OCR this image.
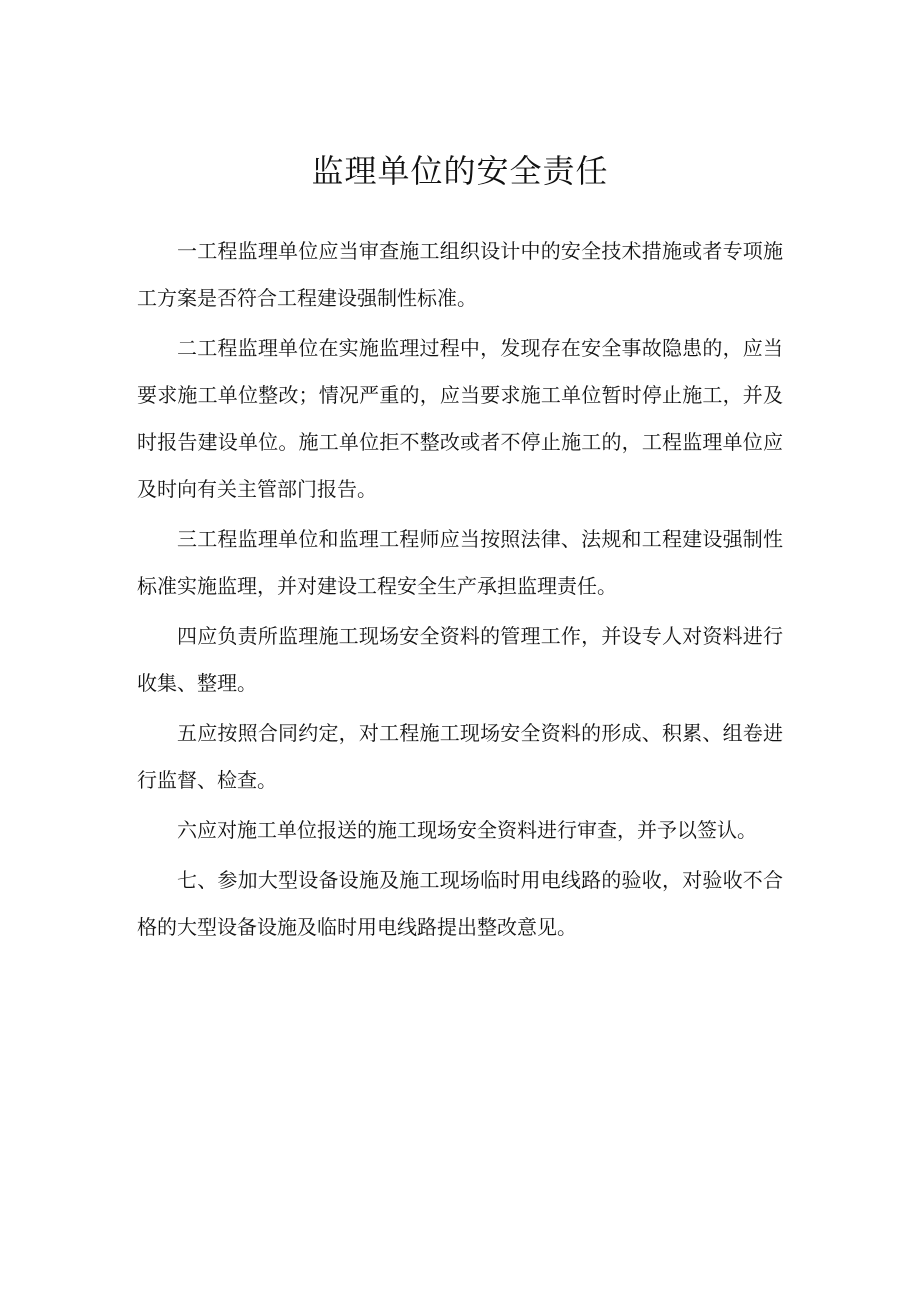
监理单位的安全责任

一工程监理单位应当审查施工组织设计中的安全技术措施或者专项施工方案是否符合工程建设强制性标准。

二工程监理单位在实施监理过程中，发现存在安全事故隐患的，应当要求施工单位整改；情况严重的，应当要求施工单位暂时停止施工，并及时报告建设单位。施工单位拒不整改或者不停止施工的，工程监理单位应及时向有关主管部门报告。

三工程监理单位和监理工程师应当按照法律、法规和工程建设强制性标准实施监理，并对建设工程安全生产承担监理责任。

四应负责所监理施工现场安全资料的管理工作，并设专人对资料进行收集、整理。

五应按照合同约定，对工程施工现场安全资料的形成、积累、组卷进行监督、检查。

六应对施工单位报送的施工现场安全资料进行审查，并予以签认。

七、参加大型设备设施及施工现场临时用电线路的验收，对验收不合格的大型设备设施及临时用电线路提出整改意见。
